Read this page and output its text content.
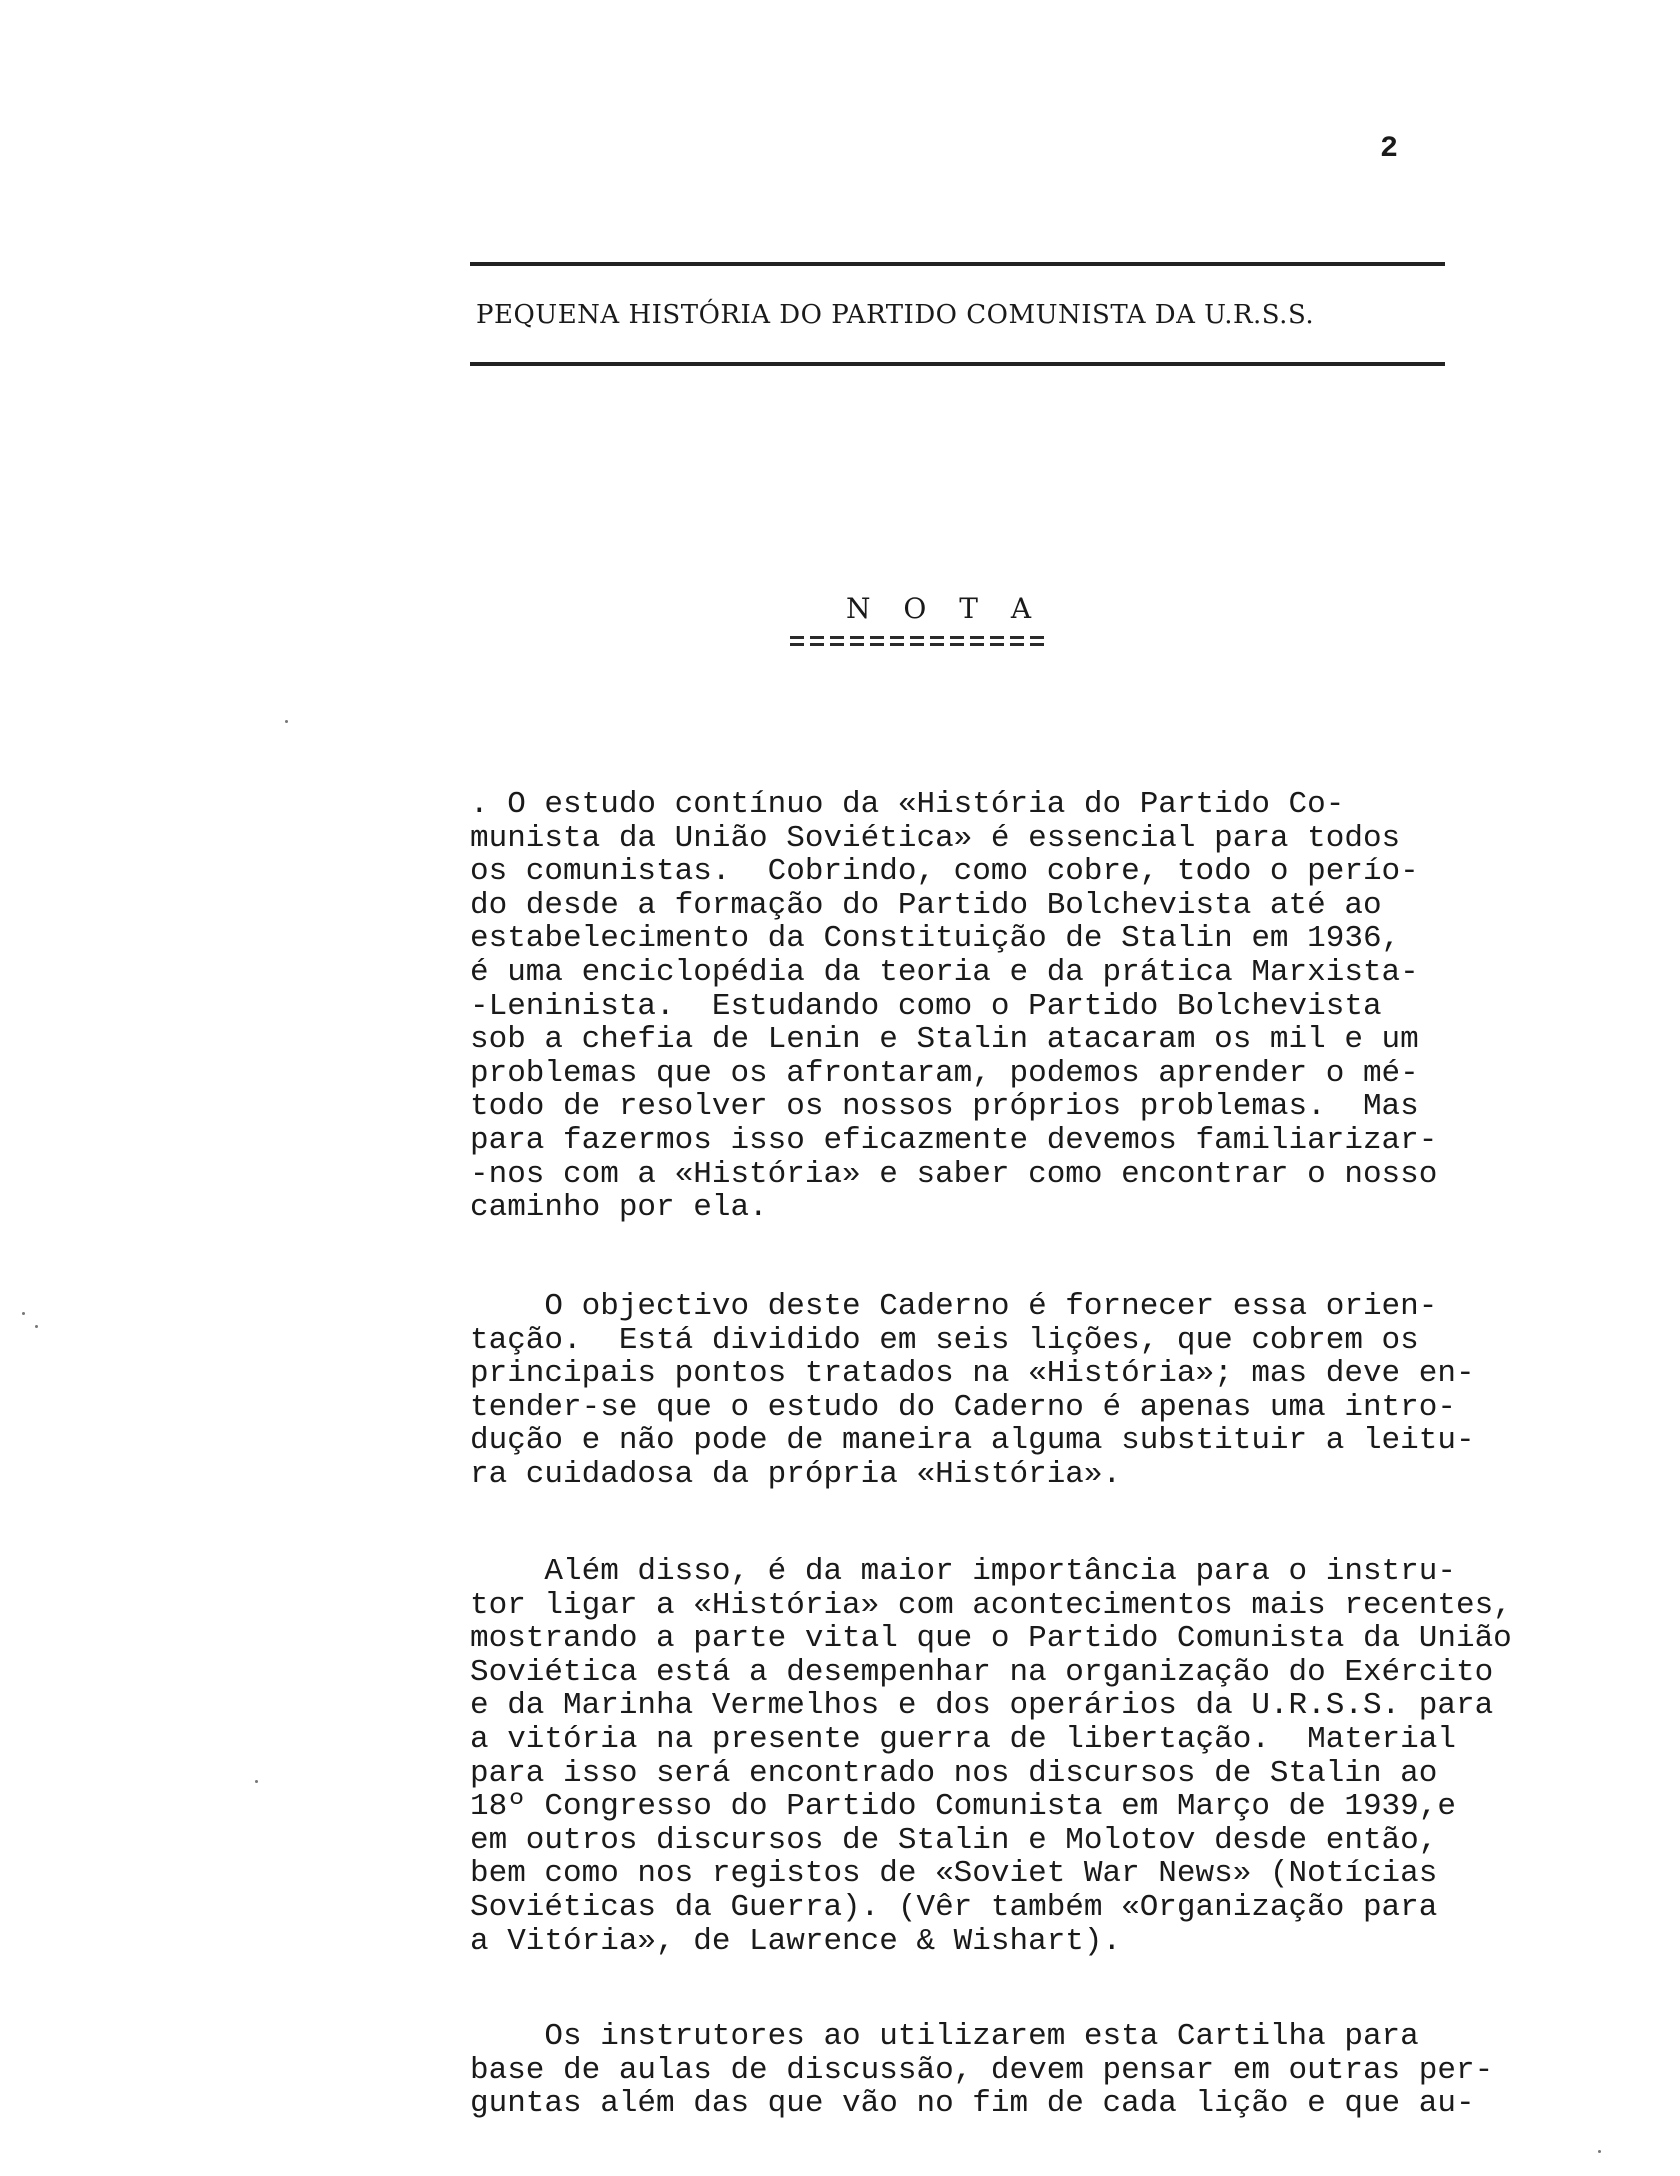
2
PEQUENA HISTÓRIA DO PARTIDO COMUNISTA DA U.R.S.S.
N O T A

. O estudo contínuo da «História do Partido Co-
munista da União Soviética» é essencial para todos
os comunistas.  Cobrindo, como cobre, todo o perío-
do desde a formação do Partido Bolchevista até ao
estabelecimento da Constituição de Stalin em 1936,
é uma enciclopédia da teoria e da prática Marxista-
-Leninista.  Estudando como o Partido Bolchevista
sob a chefia de Lenin e Stalin atacaram os mil e um
problemas que os afrontaram, podemos aprender o mé-
todo de resolver os nossos próprios problemas.  Mas
para fazermos isso eficazmente devemos familiarizar-
-nos com a «História» e saber como encontrar o nosso
caminho por ela.

O objectivo deste Caderno é fornecer essa orien-
tação.  Está dividido em seis lições, que cobrem os
principais pontos tratados na «História»; mas deve en-
tender-se que o estudo do Caderno é apenas uma intro-
dução e não pode de maneira alguma substituir a leitu-
ra cuidadosa da própria «História».

Além disso, é da maior importância para o instru-
tor ligar a «História» com acontecimentos mais recentes,
mostrando a parte vital que o Partido Comunista da União
Soviética está a desempenhar na organização do Exército
e da Marinha Vermelhos e dos operários da U.R.S.S. para
a vitória na presente guerra de libertação.  Material
para isso será encontrado nos discursos de Stalin ao
18º Congresso do Partido Comunista em Março de 1939,e
em outros discursos de Stalin e Molotov desde então,
bem como nos registos de «Soviet War News» (Notícias
Soviéticas da Guerra). (Vêr também «Organização para
a Vitória», de Lawrence & Wishart).

Os instrutores ao utilizarem esta Cartilha para
base de aulas de discussão, devem pensar em outras per-
guntas além das que vão no fim de cada lição e que au-
